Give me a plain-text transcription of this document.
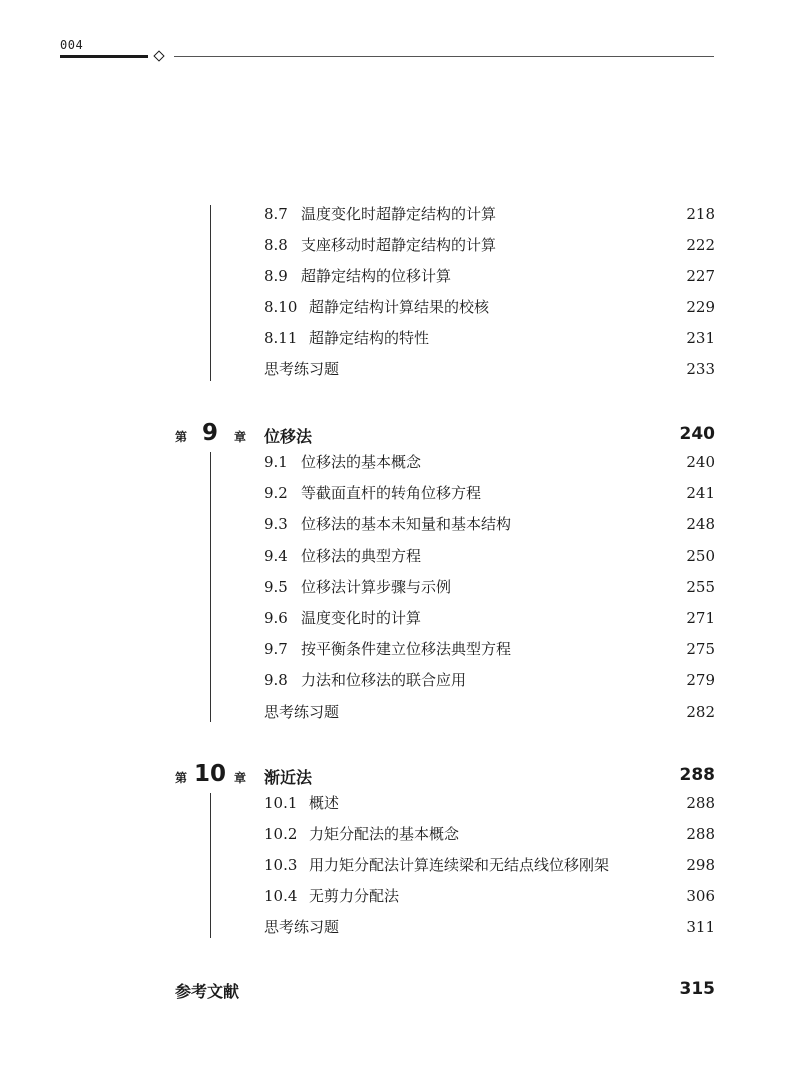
004
8.7 温度变化时超静定结构的计算	218
8.8 支座移动时超静定结构的计算	222
8.9 超静定结构的位移计算	227
8.10 超静定结构计算结果的校核	229
8.11 超静定结构的特性	231
思考练习题	233
第 9 章 位移法	240
9.1 位移法的基本概念	240
9.2 等截面直杆的转角位移方程	241
9.3 位移法的基本未知量和基本结构	248
9.4 位移法的典型方程	250
9.5 位移法计算步骤与示例	255
9.6 温度变化时的计算	271
9.7 按平衡条件建立位移法典型方程	275
9.8 力法和位移法的联合应用	279
思考练习题	282
第 10 章 渐近法	288
10.1 概述	288
10.2 力矩分配法的基本概念	288
10.3 用力矩分配法计算连续梁和无结点线位移刚架	298
10.4 无剪力分配法	306
思考练习题	311
参考文献	315
